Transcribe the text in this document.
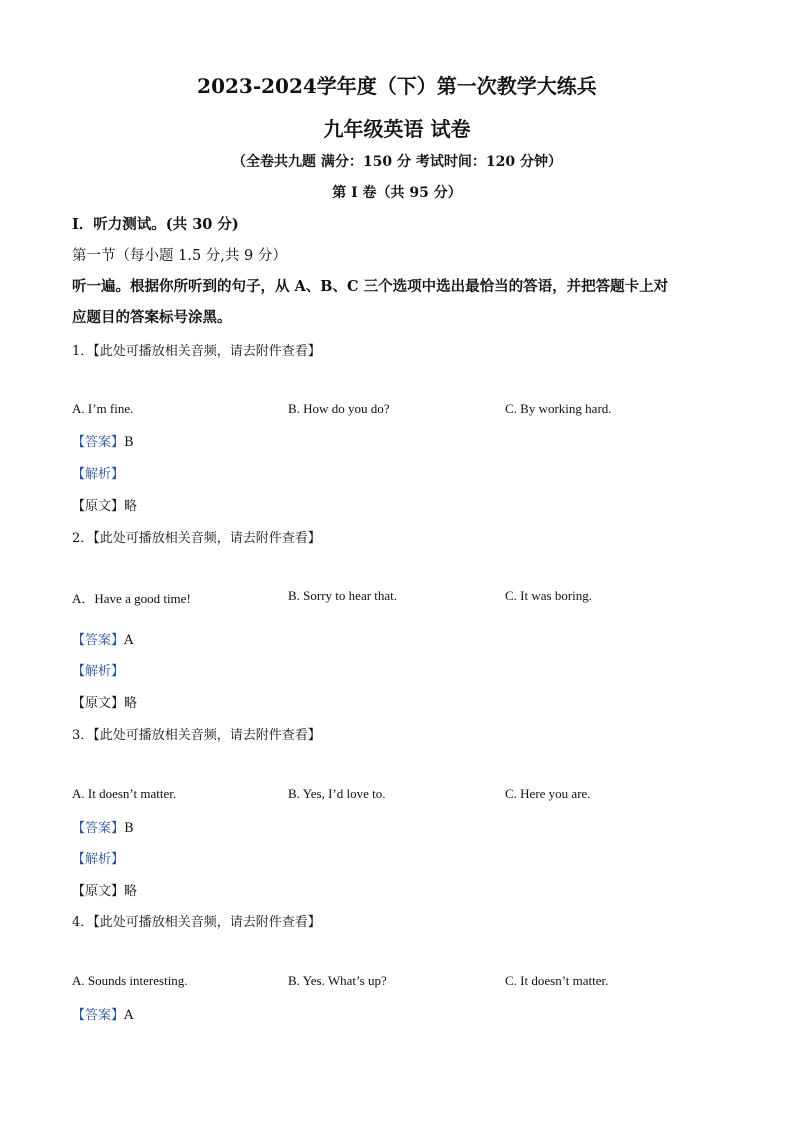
2023-2024学年度（下）第一次教学大练兵
九年级英语 试卷
（全卷共九题 满分：150 分 考试时间：120 分钟）
第 I 卷（共 95 分）
I．听力测试。(共 30 分)
第一节（每小题 1.5 分,共 9 分）
听一遍。根据你所听到的句子，从 A、B、C 三个选项中选出最恰当的答语，并把答题卡上对
应题目的答案标号涂黑。
1．【此处可播放相关音频，请去附件查看】
A. I’m fine.	B. How do you do?	C. By working hard.
【答案】B
【解析】
【原文】略
2．【此处可播放相关音频，请去附件查看】
A．Have a good time!	B. Sorry to hear that.	C. It was boring.
【答案】A
【解析】
【原文】略
3．【此处可播放相关音频，请去附件查看】
A. It doesn’t matter.	B. Yes, I’d love to.	C. Here you are.
【答案】B
【解析】
【原文】略
4．【此处可播放相关音频，请去附件查看】
A. Sounds interesting.	B. Yes. What’s up?	C. It doesn’t matter.
【答案】A
